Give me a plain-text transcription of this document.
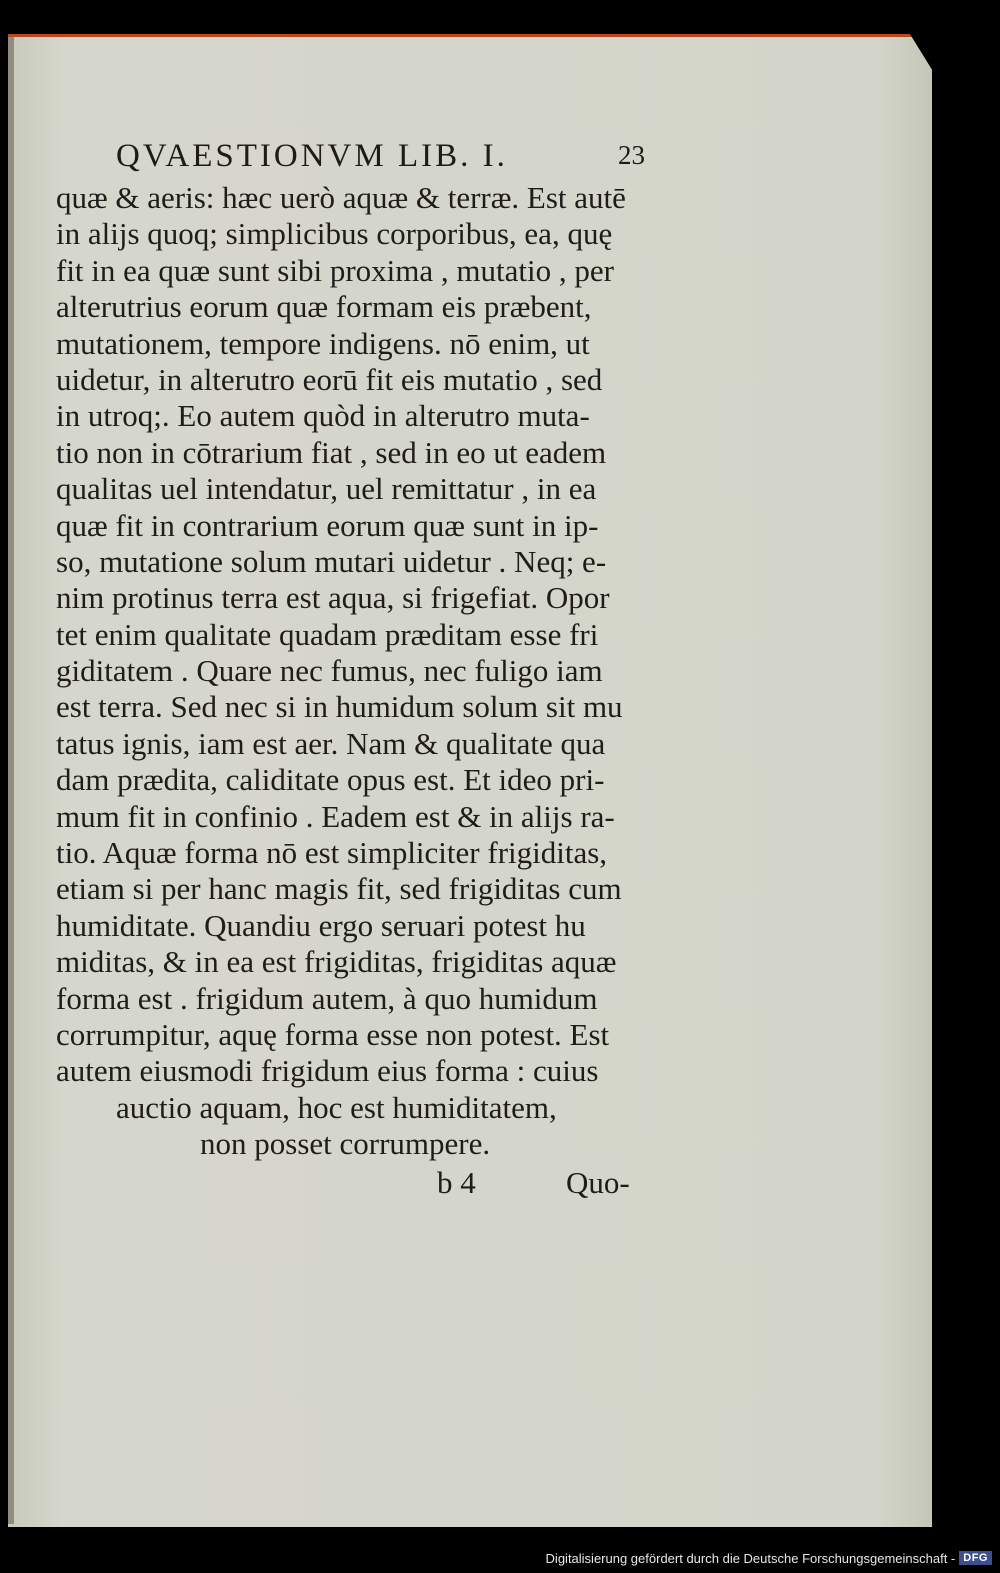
QVAESTIONVM LIB. I.	23
quæ & aeris: hæc uerò aquæ & terræ. Est autē
in alijs quoq; simplicibus corporibus, ea, quę
fit in ea quæ sunt sibi proxima , mutatio , per
alterutrius eorum quæ formam eis præbent,
mutationem, tempore indigens. nō enim, ut
uidetur, in alterutro eorū fit eis mutatio , sed
in utroq;. Eo autem quòd in alterutro muta-
tio non in cōtrarium fiat , sed in eo ut eadem
qualitas uel intendatur, uel remittatur , in ea
quæ fit in contrarium eorum quæ sunt in ip-
so, mutatione solum mutari uidetur . Neq; e-
nim protinus terra est aqua, si frigefiat. Opor
tet enim qualitate quadam præditam esse fri
giditatem . Quare nec fumus, nec fuligo iam
est terra. Sed nec si in humidum solum sit mu
tatus ignis, iam est aer. Nam & qualitate qua
dam prædita, caliditate opus est. Et ideo pri-
mum fit in confinio . Eadem est & in alijs ra-
tio. Aquæ forma nō est simpliciter frigiditas,
etiam si per hanc magis fit, sed frigiditas cum
humiditate. Quandiu ergo seruari potest hu
miditas, & in ea est frigiditas, frigiditas aquæ
forma est . frigidum autem, à quo humidum
corrumpitur, aquę forma esse non potest. Est
autem eiusmodi frigidum eius forma : cuius
auctio aquam, hoc est humiditatem,
non posset corrumpere.
b 4	Quo-
Digitalisierung gefördert durch die Deutsche Forschungsgemeinschaft - DFG
